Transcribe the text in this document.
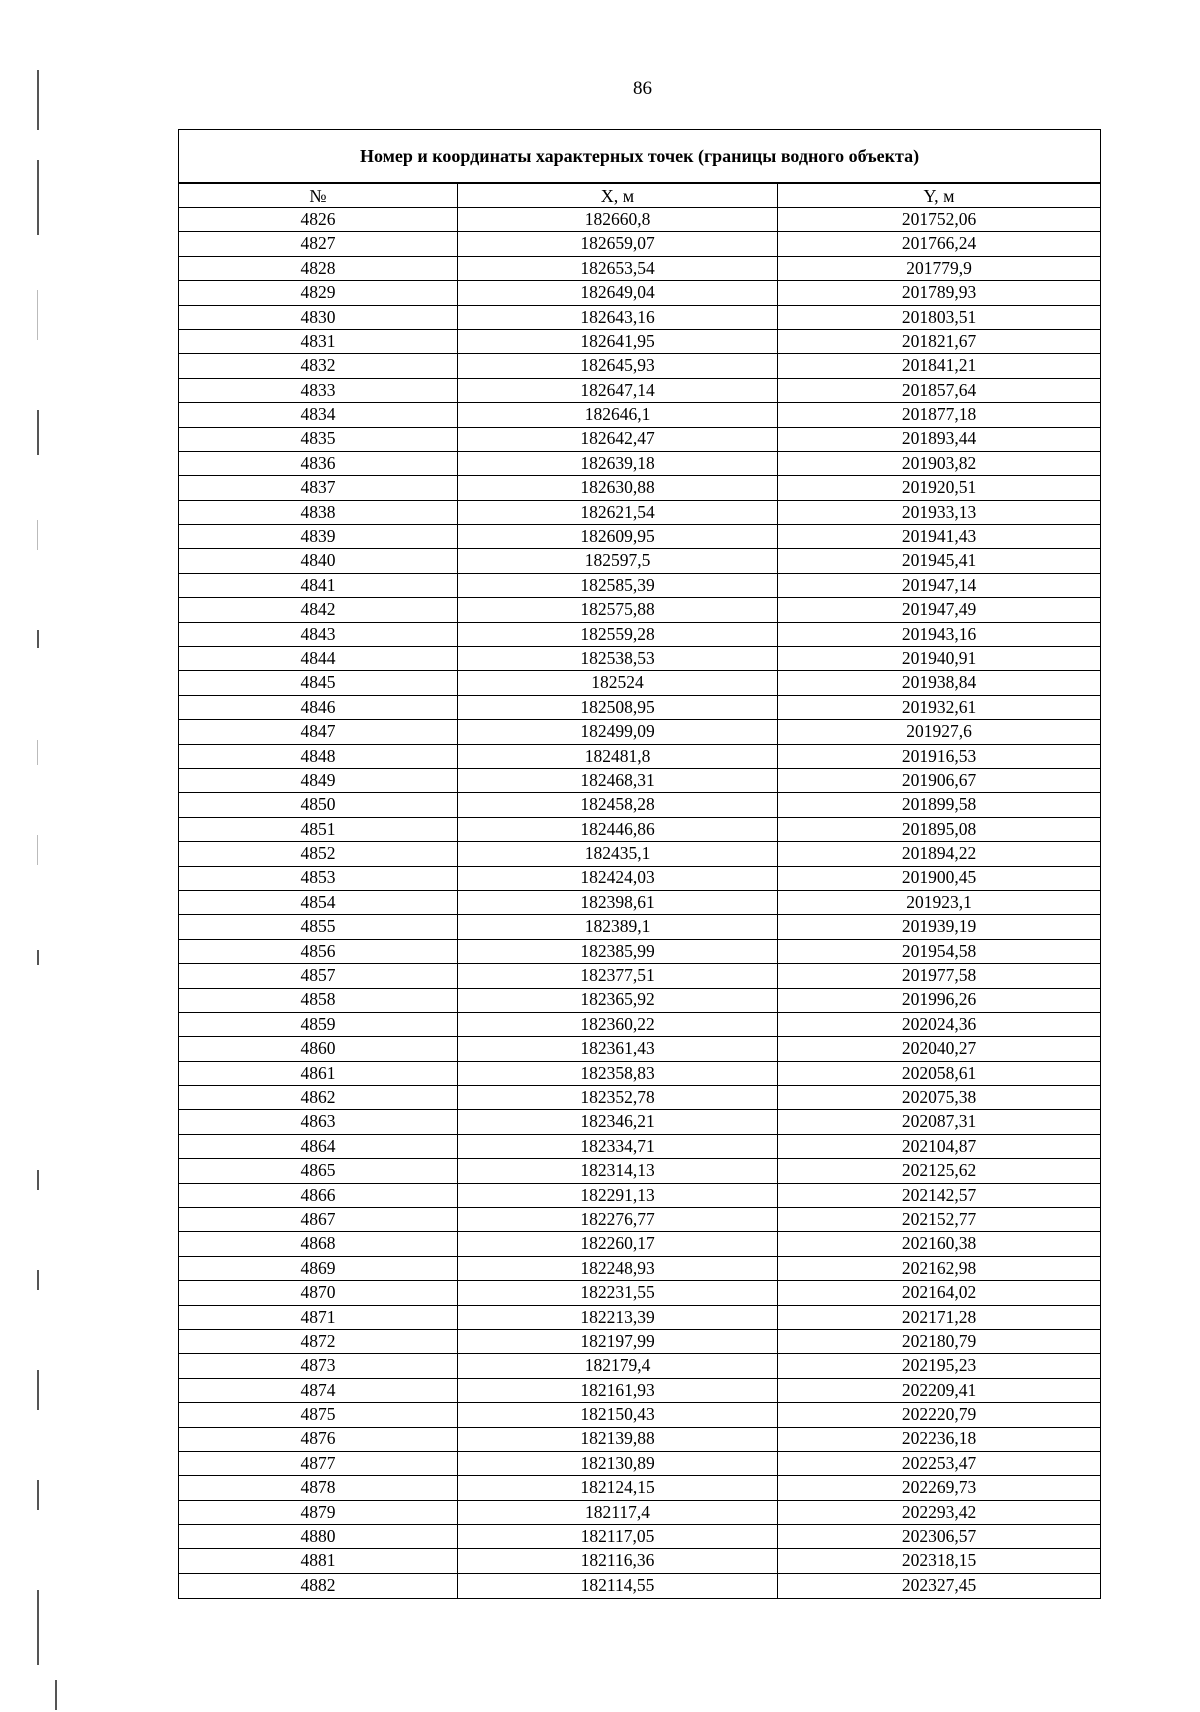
86
Номер и координаты характерных точек (границы водного объекта)		
№	X, м	Y, м
4826	182660,8	201752,06
4827	182659,07	201766,24
4828	182653,54	201779,9
4829	182649,04	201789,93
4830	182643,16	201803,51
4831	182641,95	201821,67
4832	182645,93	201841,21
4833	182647,14	201857,64
4834	182646,1	201877,18
4835	182642,47	201893,44
4836	182639,18	201903,82
4837	182630,88	201920,51
4838	182621,54	201933,13
4839	182609,95	201941,43
4840	182597,5	201945,41
4841	182585,39	201947,14
4842	182575,88	201947,49
4843	182559,28	201943,16
4844	182538,53	201940,91
4845	182524	201938,84
4846	182508,95	201932,61
4847	182499,09	201927,6
4848	182481,8	201916,53
4849	182468,31	201906,67
4850	182458,28	201899,58
4851	182446,86	201895,08
4852	182435,1	201894,22
4853	182424,03	201900,45
4854	182398,61	201923,1
4855	182389,1	201939,19
4856	182385,99	201954,58
4857	182377,51	201977,58
4858	182365,92	201996,26
4859	182360,22	202024,36
4860	182361,43	202040,27
4861	182358,83	202058,61
4862	182352,78	202075,38
4863	182346,21	202087,31
4864	182334,71	202104,87
4865	182314,13	202125,62
4866	182291,13	202142,57
4867	182276,77	202152,77
4868	182260,17	202160,38
4869	182248,93	202162,98
4870	182231,55	202164,02
4871	182213,39	202171,28
4872	182197,99	202180,79
4873	182179,4	202195,23
4874	182161,93	202209,41
4875	182150,43	202220,79
4876	182139,88	202236,18
4877	182130,89	202253,47
4878	182124,15	202269,73
4879	182117,4	202293,42
4880	182117,05	202306,57
4881	182116,36	202318,15
4882	182114,55	202327,45
